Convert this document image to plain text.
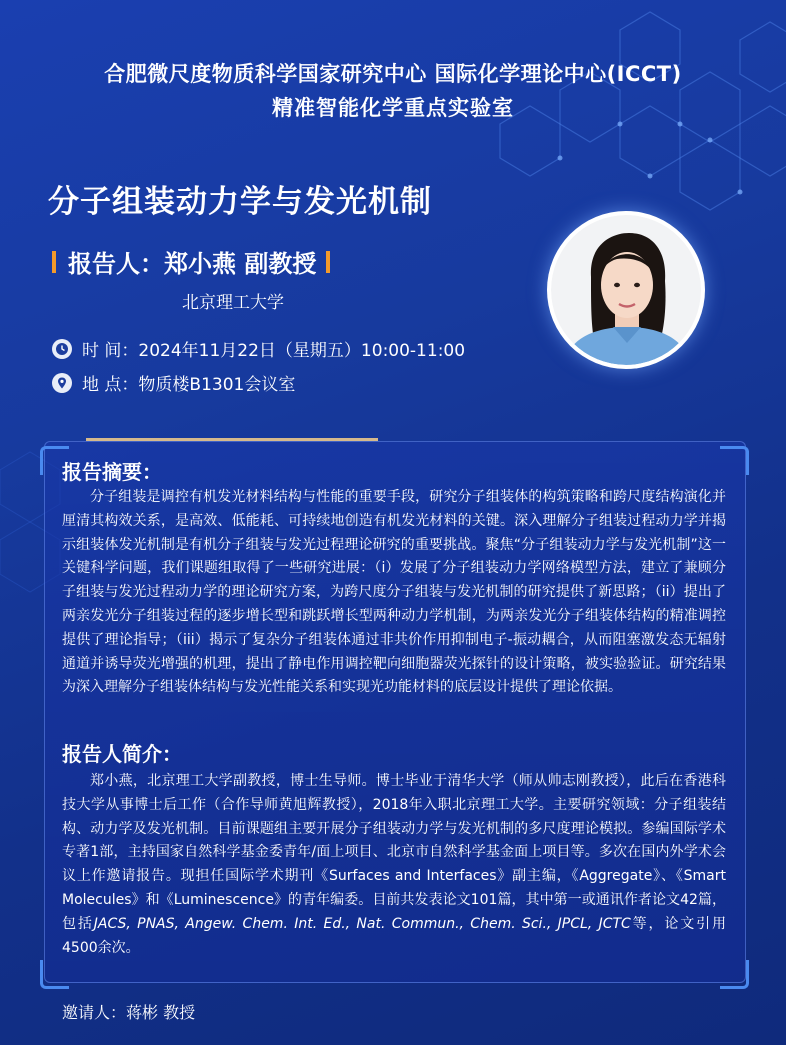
合肥微尺度物质科学国家研究中心 国际化学理论中心(ICCT)
精准智能化学重点实验室
分子组装动力学与发光机制
报告人：郑小燕 副教授
北京理工大学
时 间： 2024年11月22日（星期五）10:00-11:00
地 点： 物质楼B1301会议室
报告摘要：

分子组装是调控有机发光材料结构与性能的重要手段，研究分子组装体的构筑策略和跨尺度结构演化并厘清其构效关系，是高效、低能耗、可持续地创造有机发光材料的关键。深入理解分子组装过程动力学并揭示组装体发光机制是有机分子组装与发光过程理论研究的重要挑战。聚焦“分子组装动力学与发光机制”这一关键科学问题，我们课题组取得了一些研究进展：（i）发展了分子组装动力学网络模型方法，建立了兼顾分子组装与发光过程动力学的理论研究方案，为跨尺度分子组装与发光机制的研究提供了新思路；（ii）提出了两亲发光分子组装过程的逐步增长型和跳跃增长型两种动力学机制，为两亲发光分子组装体结构的精准调控提供了理论指导；（iii）揭示了复杂分子组装体通过非共价作用抑制电子-振动耦合，从而阻塞激发态无辐射通道并诱导荧光增强的机理，提出了静电作用调控靶向细胞器荧光探针的设计策略，被实验验证。研究结果为深入理解分子组装体结构与发光性能关系和实现光功能材料的底层设计提供了理论依据。

报告人简介：

郑小燕，北京理工大学副教授，博士生导师。博士毕业于清华大学（师从帅志刚教授），此后在香港科技大学从事博士后工作（合作导师黄旭辉教授），2018年入职北京理工大学。主要研究领域：分子组装结构、动力学及发光机制。目前课题组主要开展分子组装动力学与发光机制的多尺度理论模拟。参编国际学术专著1部，主持国家自然科学基金委青年/面上项目、北京市自然科学基金面上项目等。多次在国内外学术会议上作邀请报告。现担任国际学术期刊《Surfaces and Interfaces》副主编，《Aggregate》、《Smart Molecules》和《Luminescence》的青年编委。目前共发表论文101篇，其中第一或通讯作者论文42篇，包括JACS, PNAS, Angew. Chem. Int. Ed., Nat. Commun., Chem. Sci., JPCL, JCTC等，论文引用4500余次。

邀请人：蒋彬 教授
